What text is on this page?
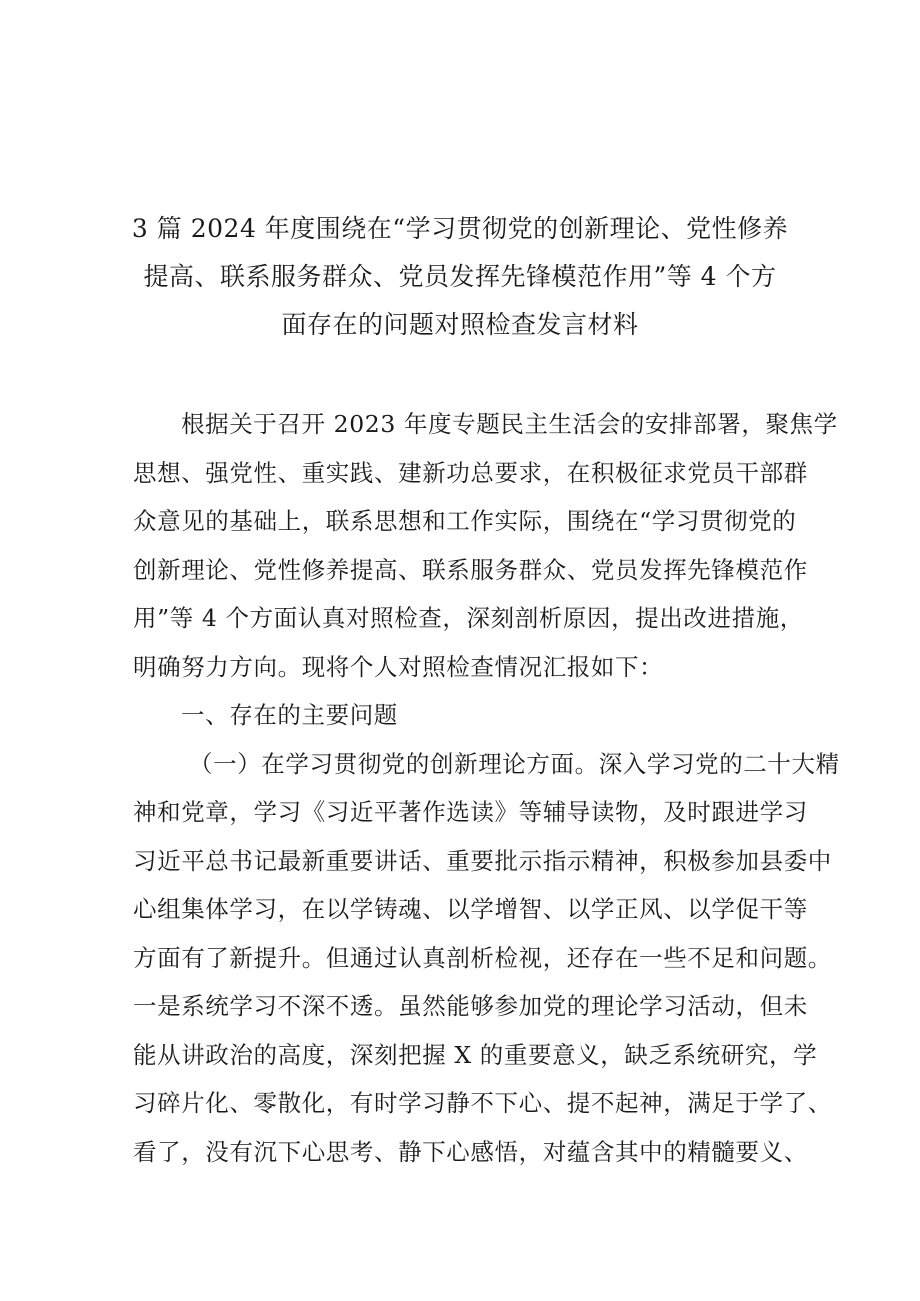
3 篇 2024 年度围绕在“学习贯彻党的创新理论、党性修养
提高、联系服务群众、党员发挥先锋模范作用”等 4 个方
面存在的问题对照检查发言材料
根据关于召开 2023 年度专题民主生活会的安排部署，聚焦学
思想、强党性、重实践、建新功总要求，在积极征求党员干部群
众意见的基础上，联系思想和工作实际，围绕在“学习贯彻党的
创新理论、党性修养提高、联系服务群众、党员发挥先锋模范作
用”等 4 个方面认真对照检查，深刻剖析原因，提出改进措施，
明确努力方向。现将个人对照检查情况汇报如下：
一、存在的主要问题
（一）在学习贯彻党的创新理论方面。深入学习党的二十大精
神和党章，学习《习近平著作选读》等辅导读物，及时跟进学习
习近平总书记最新重要讲话、重要批示指示精神，积极参加县委中
心组集体学习，在以学铸魂、以学增智、以学正风、以学促干等
方面有了新提升。但通过认真剖析检视，还存在一些不足和问题。
一是系统学习不深不透。虽然能够参加党的理论学习活动，但未
能从讲政治的高度，深刻把握 X 的重要意义，缺乏系统研究，学
习碎片化、零散化，有时学习静不下心、提不起神，满足于学了、
看了，没有沉下心思考、静下心感悟，对蕴含其中的精髓要义、
